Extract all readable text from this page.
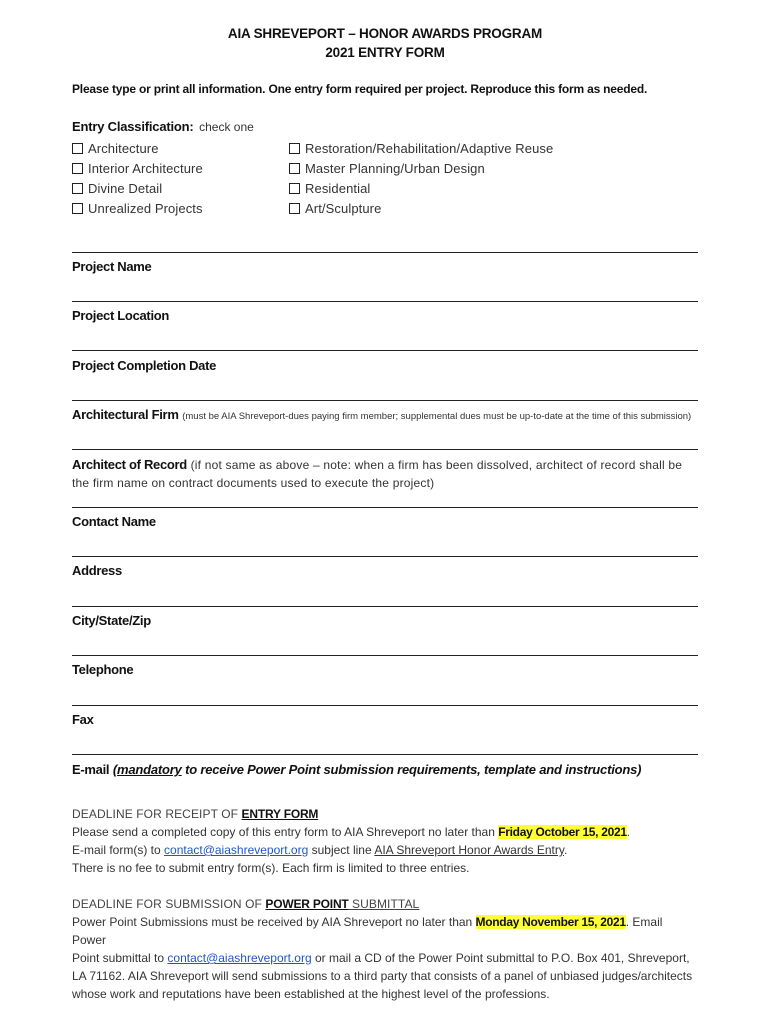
AIA SHREVEPORT – HONOR AWARDS PROGRAM
2021 ENTRY FORM
Please type or print all information. One entry form required per project. Reproduce this form as needed.
Entry Classification: check one
Architecture
Interior Architecture
Divine Detail
Unrealized Projects
Restoration/Rehabilitation/Adaptive Reuse
Master Planning/Urban Design
Residential
Art/Sculpture
Project Name
Project Location
Project Completion Date
Architectural Firm (must be AIA Shreveport-dues paying firm member; supplemental dues must be up-to-date at the time of this submission)
Architect of Record (if not same as above – note: when a firm has been dissolved, architect of record shall be the firm name on contract documents used to execute the project)
Contact Name
Address
City/State/Zip
Telephone
Fax
E-mail (mandatory to receive Power Point submission requirements, template and instructions)
DEADLINE FOR RECEIPT OF ENTRY FORM
Please send a completed copy of this entry form to AIA Shreveport no later than Friday October 15, 2021.
E-mail form(s) to contact@aiashreveport.org subject line AIA Shreveport Honor Awards Entry.
There is no fee to submit entry form(s). Each firm is limited to three entries.
DEADLINE FOR SUBMISSION OF POWER POINT SUBMITTAL
Power Point Submissions must be received by AIA Shreveport no later than Monday November 15, 2021. Email Power
Point submittal to contact@aiashreveport.org or mail a CD of the Power Point submittal to P.O. Box 401, Shreveport,
LA 71162. AIA Shreveport will send submissions to a third party that consists of a panel of unbiased judges/architects
whose work and reputations have been established at the highest level of the professions.
